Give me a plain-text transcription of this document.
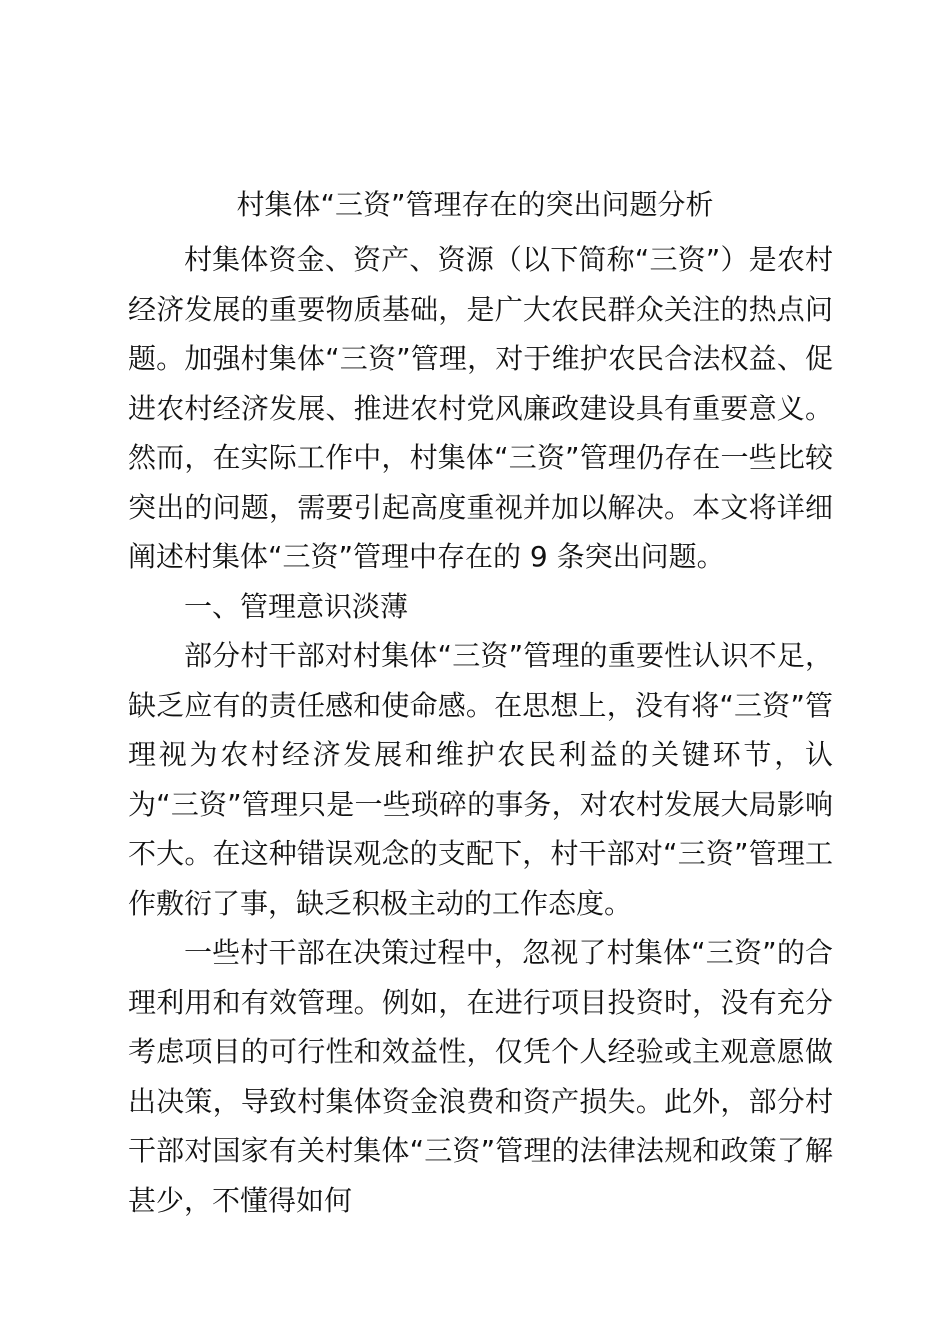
村集体“三资”管理存在的突出问题分析

村集体资金、资产、资源（以下简称“三资”）是农村经济发展的重要物质基础，是广大农民群众关注的热点问题。加强村集体“三资”管理，对于维护农民合法权益、促进农村经济发展、推进农村党风廉政建设具有重要意义。然而，在实际工作中，村集体“三资”管理仍存在一些比较突出的问题，需要引起高度重视并加以解决。本文将详细阐述村集体“三资”管理中存在的 9 条突出问题。

一、管理意识淡薄

部分村干部对村集体“三资”管理的重要性认识不足，缺乏应有的责任感和使命感。在思想上，没有将“三资”管理视为农村经济发展和维护农民利益的关键环节，认为“三资”管理只是一些琐碎的事务，对农村发展大局影响不大。在这种错误观念的支配下，村干部对“三资”管理工作敷衍了事，缺乏积极主动的工作态度。

一些村干部在决策过程中，忽视了村集体“三资”的合理利用和有效管理。例如，在进行项目投资时，没有充分考虑项目的可行性和效益性，仅凭个人经验或主观意愿做出决策，导致村集体资金浪费和资产损失。此外，部分村干部对国家有关村集体“三资”管理的法律法规和政策了解甚少，不懂得如何
